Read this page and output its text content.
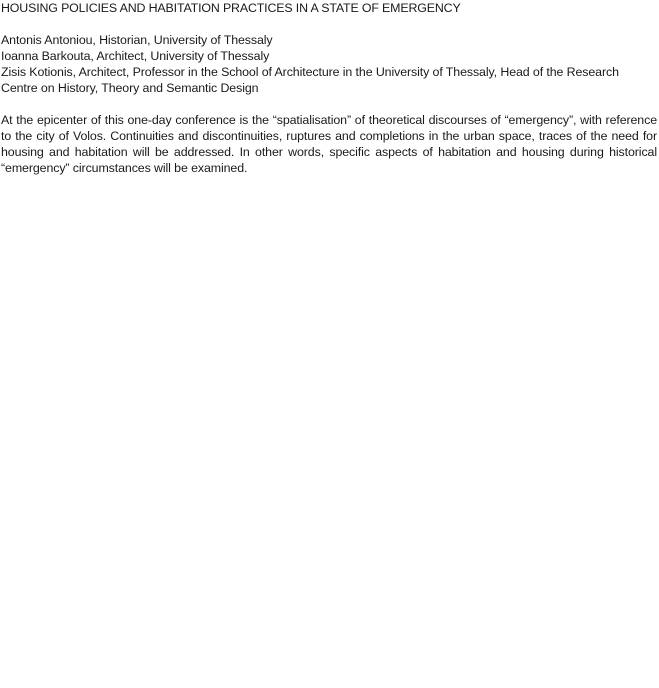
HOUSING POLICIES AND HABITATION PRACTICES IN A STATE OF EMERGENCY
Antonis Antoniou, Historian, University of Thessaly
Ioanna Barkouta, Architect, University of Thessaly
Zisis Kotionis, Architect, Professor in the School of Architecture in the University of Thessaly, Head of the Research Centre on History, Theory and Semantic Design

At the epicenter of this one-day conference is the “spatialisation” of theoretical discourses of “emergency”, with reference to the city of Volos. Continuities and discontinuities, ruptures and completions in the urban space, traces of the need for housing and habitation will be addressed. In other words, specific aspects of habitation and housing during historical “emergency” circumstances will be examined.
